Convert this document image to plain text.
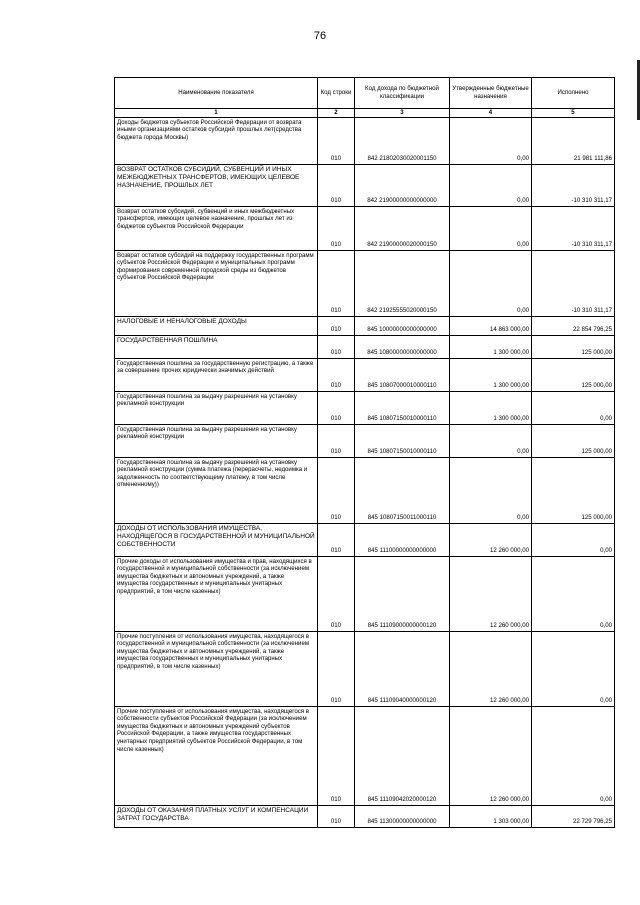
76
Наименование показателя	Код строки	Код дохода по бюджетной классификации	Утвержденные бюджетные назначения	Исполнено
1	2	3	4	5
Доходы бюджетов субъектов Российской Федерации от возврата иными организациями остатков субсидий прошлых лет(средства бюджета города Москвы)	010	842 21802030020001150	0,00	21 981 111,86
ВОЗВРАТ ОСТАТКОВ СУБСИДИЙ, СУБВЕНЦИЙ И ИНЫХ МЕЖБЮДЖЕТНЫХ ТРАНСФЕРТОВ, ИМЕЮЩИХ ЦЕЛЕВОЕ НАЗНАЧЕНИЕ, ПРОШЛЫХ ЛЕТ	010	842 21900000000000000	0,00	-10 310 311,17
Возврат остатков субсидий, субвенций и иных межбюджетных трансфертов, имеющих целевое назначение, прошлых лет из бюджетов субъектов Российской Федерации	010	842 21900000020000150	0,00	-10 310 311,17
Возврат остатков субсидий на поддержку государственных программ субъектов Российской Федерации и муниципальных программ формирования современной городской среды из бюджетов субъектов Российской Федерации	010	842 21925555020000150	0,00	-10 310 311,17
НАЛОГОВЫЕ И НЕНАЛОГОВЫЕ ДОХОДЫ	010	845 10000000000000000	14 863 000,00	22 854 796,25
ГОСУДАРСТВЕННАЯ ПОШЛИНА	010	845 10800000000000000	1 300 000,00	125 000,00
Государственная пошлина за государственную регистрацию, а также за совершение прочих юридически значимых действий	010	845 10807000010000110	1 300 000,00	125 000,00
Государственная пошлина за выдачу разрешения на установку рекламной конструкции	010	845 10807150010000110	1 300 000,00	0,00
Государственная пошлина за выдачу разрешения на установку рекламной конструкции	010	845 10807150010000110	0,00	125 000,00
Государственная пошлина за выдачу разрешений на установку рекламной конструкции (сумма платежа (перерасчеты, недоимка и задолженность по соответствующему платежу, в том числе отмененному))	010	845 10807150011000110	0,00	125 000,00
ДОХОДЫ ОТ ИСПОЛЬЗОВАНИЯ ИМУЩЕСТВА, НАХОДЯЩЕГОСЯ В ГОСУДАРСТВЕННОЙ И МУНИЦИПАЛЬНОЙ СОБСТВЕННОСТИ	010	845 11100000000000000	12 260 000,00	0,00
Прочие доходы от использования имущества и прав, находящихся в государственной и муниципальной собственности (за исключением имущества бюджетных и автономных учреждений, а также имущества государственных и муниципальных унитарных предприятий, в том числе казенных)	010	845 11109000000000120	12 260 000,00	0,00
Прочие поступления от использования имущества, находящегося в государственной и муниципальной собственности (за исключением имущества бюджетных и автономных учреждений, а также имущества государственных и муниципальных унитарных предприятий, в том числе казенных)	010	845 11109040000000120	12 260 000,00	0,00
Прочие поступления от использования имущества, находящегося в собственности субъектов Российской Федерации (за исключением имущества бюджетных и автономных учреждений субъектов Российской Федерации, а также имущества государственных унитарных предприятий субъектов Российской Федерации, в том числе казенных)	010	845 11109042020000120	12 260 000,00	0,00
ДОХОДЫ ОТ ОКАЗАНИЯ ПЛАТНЫХ УСЛУГ И КОМПЕНСАЦИИ ЗАТРАТ ГОСУДАРСТВА	010	845 11300000000000000	1 303 000,00	22 729 796,25
